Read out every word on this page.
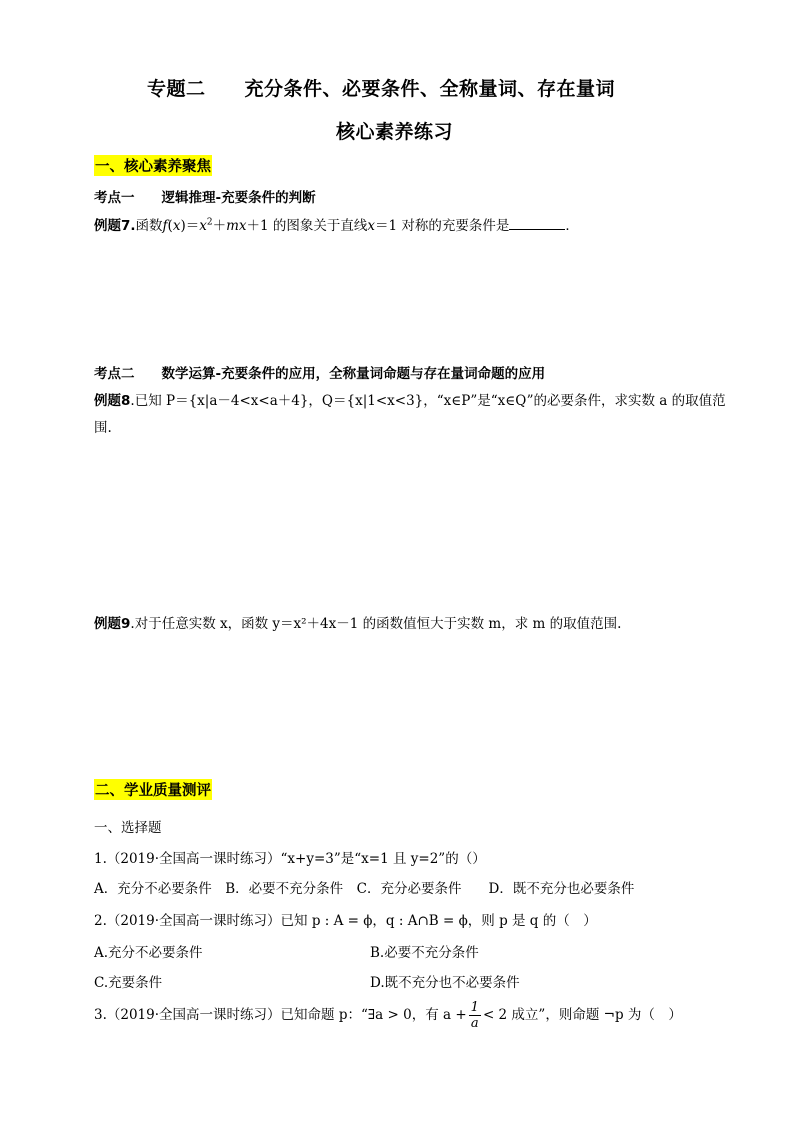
专题二　　充分条件、必要条件、全称量词、存在量词
核心素养练习
一、核心素养聚焦
考点一　　逻辑推理-充要条件的判断
例题7.函数$f(x)=x^2+mx+1$ 的图象关于直线x＝1 对称的充要条件是	．
考点二　　数学运算-充要条件的应用，全称量词命题与存在量词命题的应用
例题8.已知 P＝{x|a－4<x<a＋4}，Q＝{x|1<x<3}，“x∈P”是“x∈Q”的必要条件，求实数 a 的取值范
围.
例题9.对于任意实数 x，函数 y＝x²＋4x－1 的函数值恒大于实数 m，求 m 的取值范围.
二、学业质量测评
一、选择题
1.（2019·全国高一课时练习）“x+y=3”是“x=1 且 y=2”的（）
A．充分不必要条件　B．必要不充分条件　C．充分必要条件　　D．既不充分也必要条件
2.（2019·全国高一课时练习）已知 p : A = ϕ，q : A∩B = ϕ，则 p 是 q 的（　）
A.充分不必要条件	B.必要不充分条件
C.充要条件	D.既不充分也不必要条件
3.（2019·全国高一课时练习）已知命题 p：“∃a > 0，有 $a + \frac{1}{a} < 2$ 成立”，则命题 ¬p 为（　）
